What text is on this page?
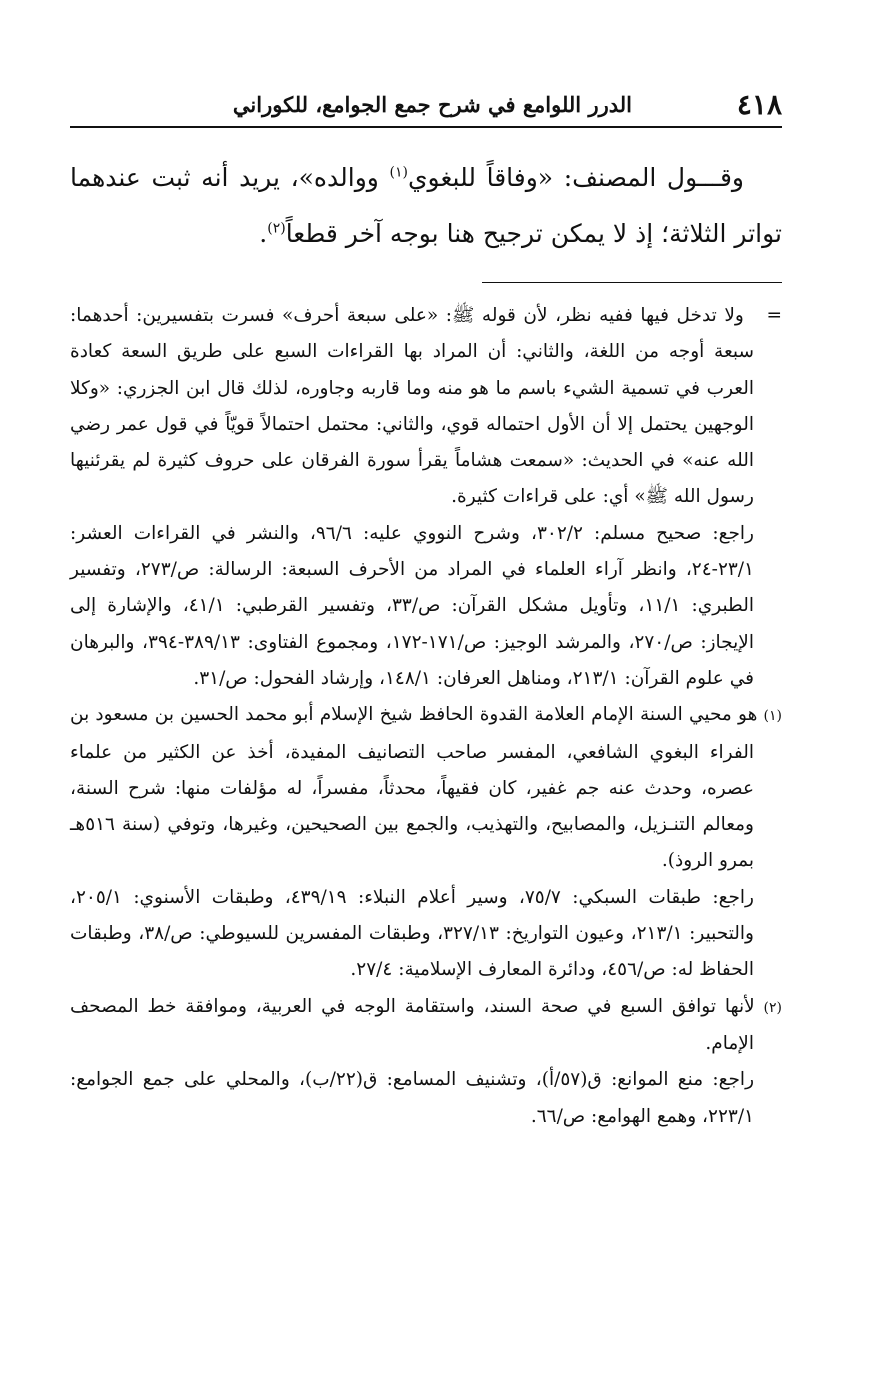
٤١٨
الدرر اللوامع في شرح جمع الجوامع، للكوراني

وقـــول المصنف: «وفاقاً للبغوي$^{(١)}$ ووالده»، يريد أنه ثبت عندهما تواتر الثلاثة؛ إذ لا يمكن ترجيح هنا بوجه آخر قطعاً$^{(٢)}$.

=   ولا تدخل فيها ففيه نظر، لأن قوله ﷺ: «على سبعة أحرف» فسرت بتفسيرين: أحدهما: سبعة أوجه من اللغة، والثاني: أن المراد بها القراءات السبع على طريق السعة كعادة العرب في تسمية الشيء باسم ما هو منه وما قاربه وجاوره، لذلك قال ابن الجزري: «وكلا الوجهين يحتمل إلا أن الأول احتماله قوي، والثاني: محتمل احتمالاً قويّاً في قول عمر رضي الله عنه» في الحديث: «سمعت هشاماً يقرأ سورة الفرقان على حروف كثيرة لم يقرئنيها رسول الله ﷺ» أي: على قراءات كثيرة.

راجع: صحيح مسلم: ٣٠٢/٢، وشرح النووي عليه: ٩٦/٦، والنشر في القراءات العشر: ٢٣/١-٢٤، وانظر آراء العلماء في المراد من الأحرف السبعة: الرسالة: ص/٢٧٣، وتفسير الطبري: ١١/١، وتأويل مشكل القرآن: ص/٣٣، وتفسير القرطبي: ٤١/١، والإشارة إلى الإيجاز: ص/٢٧٠، والمرشد الوجيز: ص/١٧١-١٧٢، ومجموع الفتاوى: ٣٨٩/١٣-٣٩٤، والبرهان في علوم القرآن: ٢١٣/١، ومناهل العرفان: ١٤٨/١، وإرشاد الفحول: ص/٣١.

(١) هو محيي السنة الإمام العلامة القدوة الحافظ شيخ الإسلام أبو محمد الحسين بن مسعود بن الفراء البغوي الشافعي، المفسر صاحب التصانيف المفيدة، أخذ عن الكثير من علماء عصره، وحدث عنه جم غفير، كان فقيهاً، محدثاً، مفسراً، له مؤلفات منها: شرح السنة، ومعالم التنـزيل، والمصابيح، والتهذيب، والجمع بين الصحيحين، وغيرها، وتوفي (سنة ٥١٦هـ بمرو الروذ).

راجع: طبقات السبكي: ٧٥/٧، وسير أعلام النبلاء: ٤٣٩/١٩، وطبقات الأسنوي: ٢٠٥/١، والتحبير: ٢١٣/١، وعيون التواريخ: ٣٢٧/١٣، وطبقات المفسرين للسيوطي: ص/٣٨، وطبقات الحفاظ له: ص/٤٥٦، ودائرة المعارف الإسلامية: ٢٧/٤.

(٢) لأنها توافق السبع في صحة السند، واستقامة الوجه في العربية، وموافقة خط المصحف الإمام.

راجع: منع الموانع: ق(٥٧/أ)، وتشنيف المسامع: ق(٢٢/ب)، والمحلي على جمع الجوامع: ٢٢٣/١، وهمع الهوامع: ص/٦٦.
